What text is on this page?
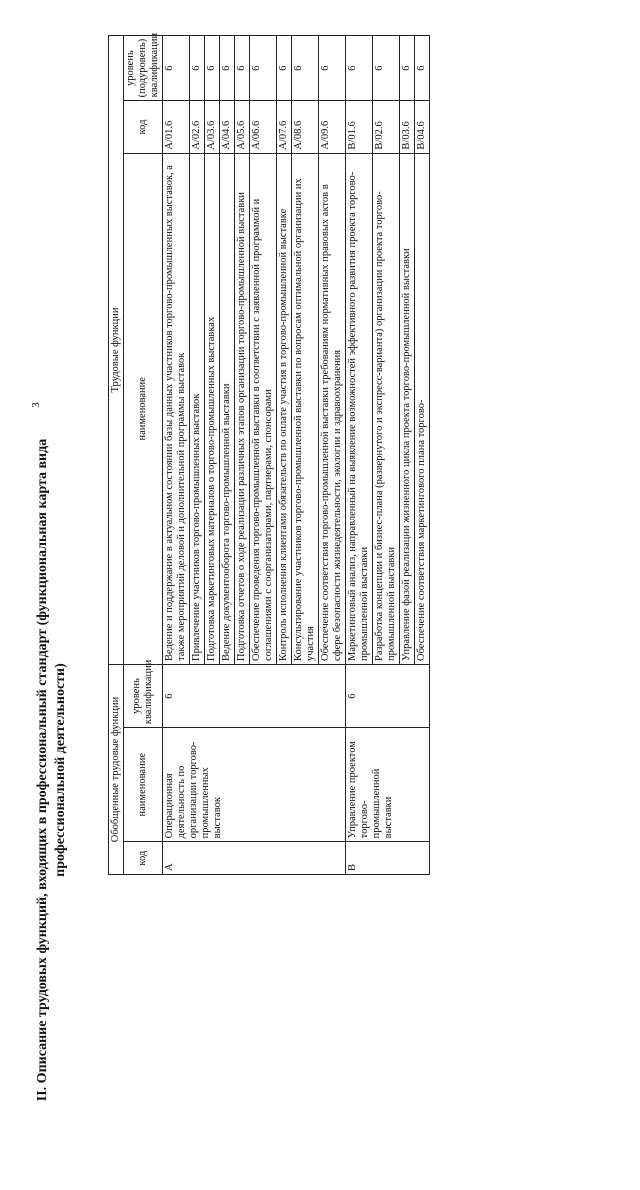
3
II. Описание трудовых функций, входящих в профессиональный стандарт (функциональная карта вида профессиональной деятельности)	Обобщенные трудовые функции			Трудовые функции		
код	наименование	уровень квалификации	наименование	код	уровень (подуровень) квалификации
A	Операционная деятельность по организации торгово-промышленных выставок	6	Ведение и поддержание в актуальном состоянии базы данных участников торгово-промышленных выставок, а также мероприятий деловой и дополнительной программы выставок	A/01.6	6
			Привлечение участников торгово-промышленных выставок	A/02.6	6
			Подготовка маркетинговых материалов о торгово-промышленных выставках	A/03.6	6
			Ведение документооборота торгово-промышленной выставки	A/04.6	6
			Подготовка отчетов о ходе реализации различных этапов организации торгово-промышленной выставки	A/05.6	6
			Обеспечение проведения торгово-промышленной выставки в соответствии с заявленной программой и соглашениями с соорганизаторами, партнерами, спонсорами	A/06.6	6
			Контроль исполнения клиентами обязательств по оплате участия в торгово-промышленной выставке	A/07.6	6
			Консультирование участников торгово-промышленной выставки по вопросам оптимальной организации их участия	A/08.6	6
			Обеспечение соответствия торгово-промышленной выставки требованиям нормативных правовых актов в сфере безопасности жизнедеятельности, экологии и здравоохранения	A/09.6	6
B	Управление проектом торгово-промышленной выставки	6	Маркетинговый анализ, направленный на выявление возможностей эффективного развития проекта торгово-промышленной выставки	B/01.6	6
			Разработка концепции и бизнес-плана (развернутого и экспресс-варианта) организации проекта торгово-промышленной выставки	B/02.6	6
			Управление фазой реализации жизненного цикла проекта торгово-промышленной выставки	B/03.6	6
			Обеспечение соответствия маркетингового плана торгово-	B/04.6	6
